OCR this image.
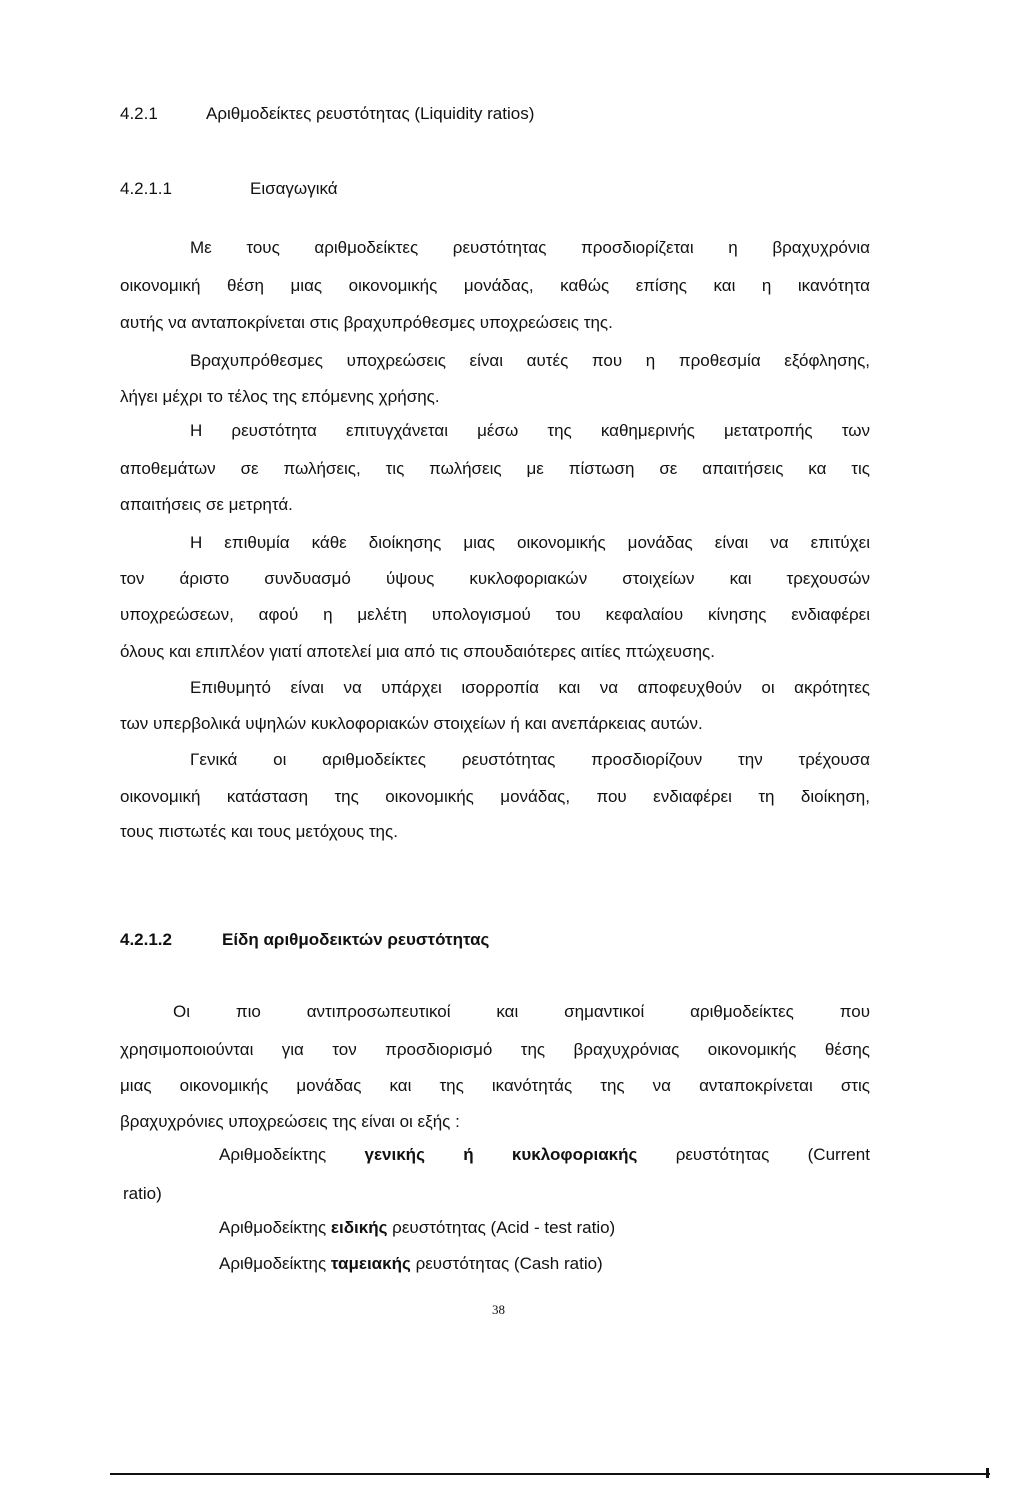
4.2.1	Αριθμοδείκτες ρευστότητας (Liquidity ratios)
4.2.1.1	Εισαγωγικά
Με τους αριθμοδείκτες ρευστότητας προσδιορίζεται η βραχυχρόνια
οικονομική θέση μιας οικονομικής μονάδας, καθώς επίσης και η ικανότητα
αυτής να ανταποκρίνεται στις βραχυπρόθεσμες υποχρεώσεις της.
Βραχυπρόθεσμες υποχρεώσεις είναι αυτές που η προθεσμία εξόφλησης,
λήγει μέχρι το τέλος της επόμενης χρήσης.
Η ρευστότητα επιτυγχάνεται μέσω της καθημερινής μετατροπής των
αποθεμάτων σε πωλήσεις, τις πωλήσεις με πίστωση σε απαιτήσεις κα τις
απαιτήσεις σε μετρητά.
Η επιθυμία κάθε διοίκησης μιας οικονομικής μονάδας είναι να επιτύχει
τον άριστο συνδυασμό ύψους κυκλοφοριακών στοιχείων και τρεχουσών
υποχρεώσεων, αφού η μελέτη υπολογισμού του κεφαλαίου κίνησης ενδιαφέρει
όλους και επιπλέον γιατί αποτελεί μια από τις σπουδαιότερες αιτίες πτώχευσης.
Επιθυμητό είναι να υπάρχει ισορροπία και να αποφευχθούν οι ακρότητες
των υπερβολικά υψηλών κυκλοφοριακών στοιχείων ή και ανεπάρκειας αυτών.
Γενικά οι αριθμοδείκτες ρευστότητας προσδιορίζουν την τρέχουσα
οικονομική κατάσταση της οικονομικής μονάδας, που ενδιαφέρει τη διοίκηση,
τους πιστωτές και τους μετόχους της.
4.2.1.2	Είδη αριθμοδεικτών ρευστότητας
Οι πιο αντιπροσωπευτικοί και σημαντικοί αριθμοδείκτες που
χρησιμοποιούνται για τον προσδιορισμό της βραχυχρόνιας οικονομικής θέσης
μιας οικονομικής μονάδας και της ικανότητάς της να ανταποκρίνεται στις
βραχυχρόνιες υποχρεώσεις της είναι οι εξής :
Αριθμοδείκτης γενικής ή κυκλοφοριακής ρευστότητας (Current
ratio)
Αριθμοδείκτης ειδικής ρευστότητας (Acid - test ratio)
Αριθμοδείκτης ταμειακής ρευστότητας (Cash ratio)
38
